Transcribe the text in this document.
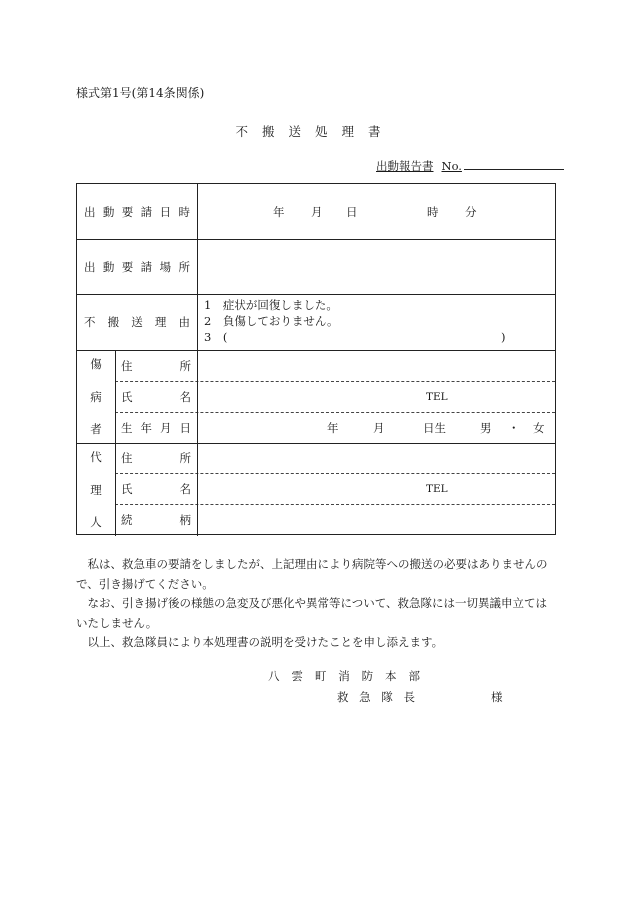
様式第1号(第14条関係)
不搬送処理書
出動報告書 No.
出 動 要 請 日 時	年 月 日	時 分
出 動 要 請 場 所
不 搬 送 理 由
1　症状が回復しました。
2　負傷しておりません。
3　(	)
傷
病
者
住	所
氏	名	TEL
生 年 月 日	年	月	日生	男 ・ 女
代
理
人
住	所
氏	名	TEL
続	柄

私は、救急車の要請をしましたが、上記理由により病院等への搬送の必要はありませんので、引き揚げてください。

なお、引き揚げ後の様態の急変及び悪化や異常等について、救急隊には一切異議申立てはいたしません。

以上、救急隊員により本処理書の説明を受けたことを申し添えます。

八 雲 町 消 防 本 部
救 急 隊 長	様
